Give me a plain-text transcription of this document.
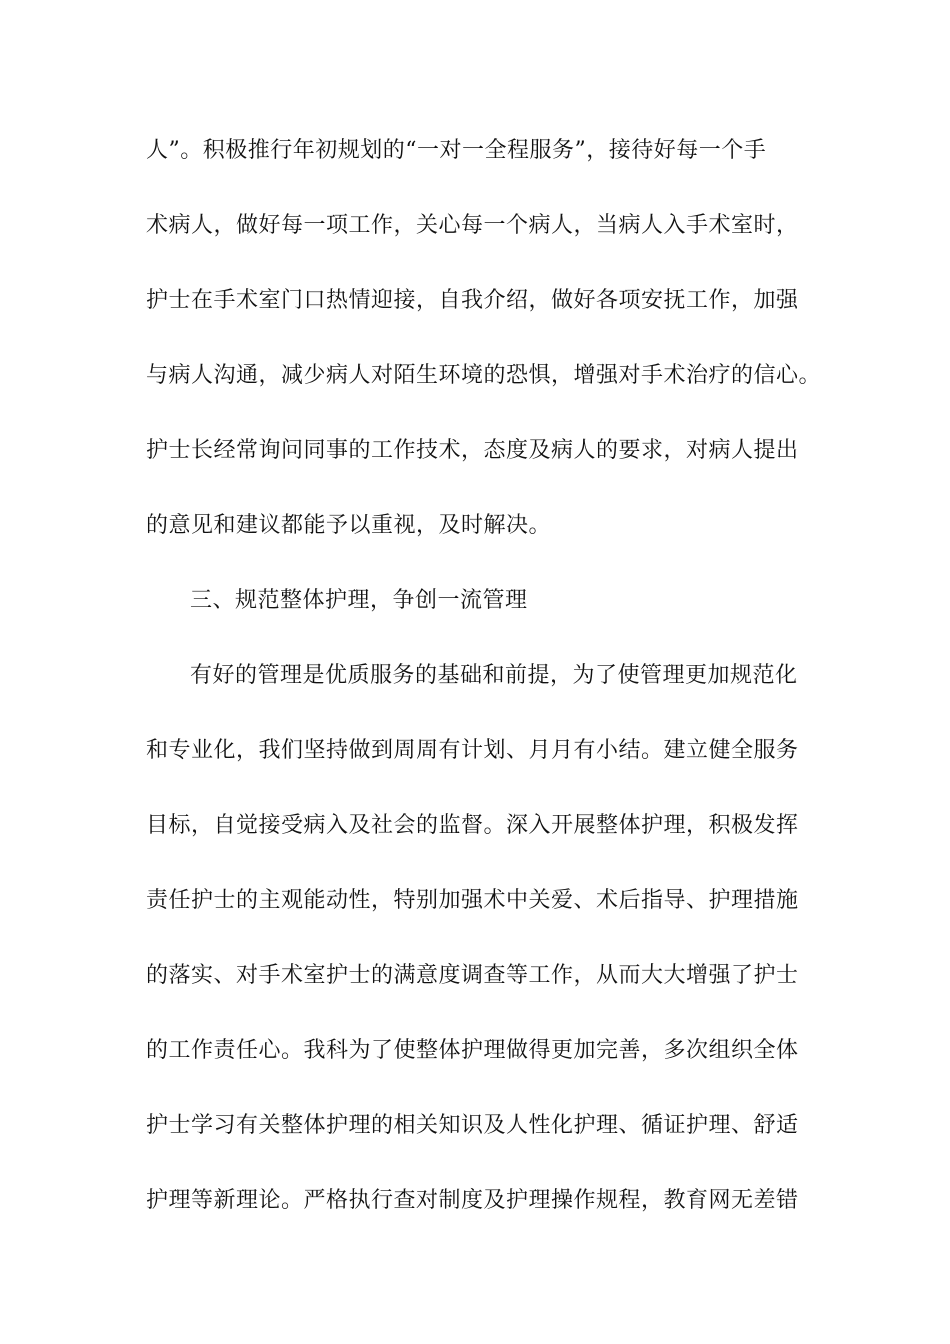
人”。积极推行年初规划的“一对一全程服务”，接待好每一个手
术病人，做好每一项工作，关心每一个病人，当病人入手术室时，
护士在手术室门口热情迎接，自我介绍，做好各项安抚工作，加强
与病人沟通，减少病人对陌生环境的恐惧，增强对手术治疗的信心。
护士长经常询问同事的工作技术，态度及病人的要求，对病人提出
的意见和建议都能予以重视，及时解决。
三、规范整体护理，争创一流管理
有好的管理是优质服务的基础和前提，为了使管理更加规范化
和专业化，我们坚持做到周周有计划、月月有小结。建立健全服务
目标，自觉接受病入及社会的监督。深入开展整体护理，积极发挥
责任护士的主观能动性，特别加强术中关爱、术后指导、护理措施
的落实、对手术室护士的满意度调查等工作，从而大大增强了护士
的工作责任心。我科为了使整体护理做得更加完善，多次组织全体
护士学习有关整体护理的相关知识及人性化护理、循证护理、舒适
护理等新理论。严格执行查对制度及护理操作规程，教育网无差错
